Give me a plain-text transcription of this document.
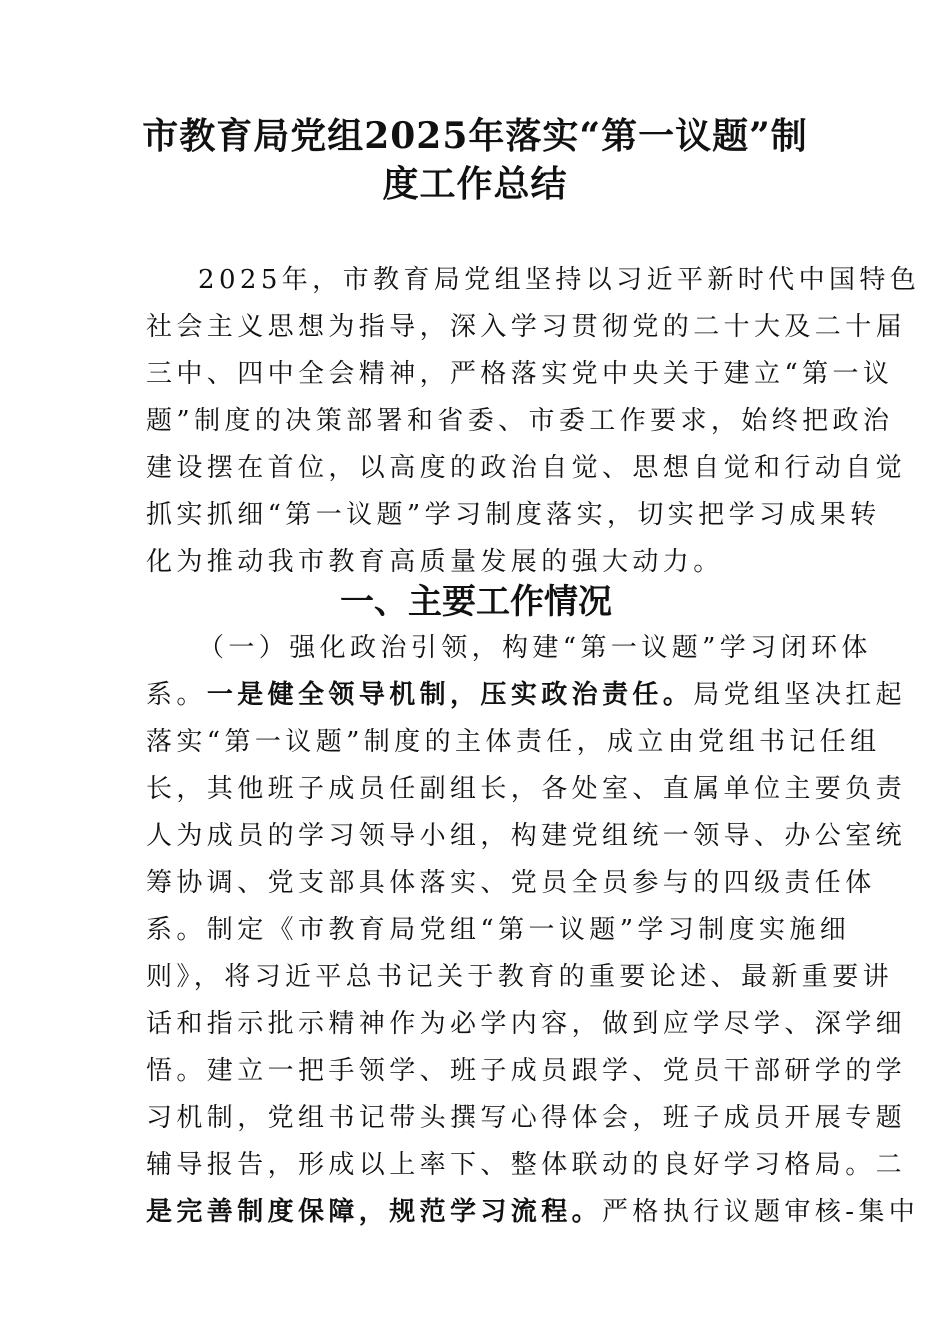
市教育局党组2025年落实“第一议题”制
度工作总结
2025年，市教育局党组坚持以习近平新时代中国特色
社会主义思想为指导，深入学习贯彻党的二十大及二十届
三中、四中全会精神，严格落实党中央关于建立“第一议
题”制度的决策部署和省委、市委工作要求，始终把政治
建设摆在首位，以高度的政治自觉、思想自觉和行动自觉
抓实抓细“第一议题”学习制度落实，切实把学习成果转
化为推动我市教育高质量发展的强大动力。
一、主要工作情况
（一）强化政治引领，构建“第一议题”学习闭环体
系。一是健全领导机制，压实政治责任。局党组坚决扛起
落实“第一议题”制度的主体责任，成立由党组书记任组
长，其他班子成员任副组长，各处室、直属单位主要负责
人为成员的学习领导小组，构建党组统一领导、办公室统
筹协调、党支部具体落实、党员全员参与的四级责任体
系。制定《市教育局党组“第一议题”学习制度实施细
则》，将习近平总书记关于教育的重要论述、最新重要讲
话和指示批示精神作为必学内容，做到应学尽学、深学细
悟。建立一把手领学、班子成员跟学、党员干部研学的学
习机制，党组书记带头撰写心得体会，班子成员开展专题
辅导报告，形成以上率下、整体联动的良好学习格局。二
是完善制度保障，规范学习流程。严格执行议题审核-集中
